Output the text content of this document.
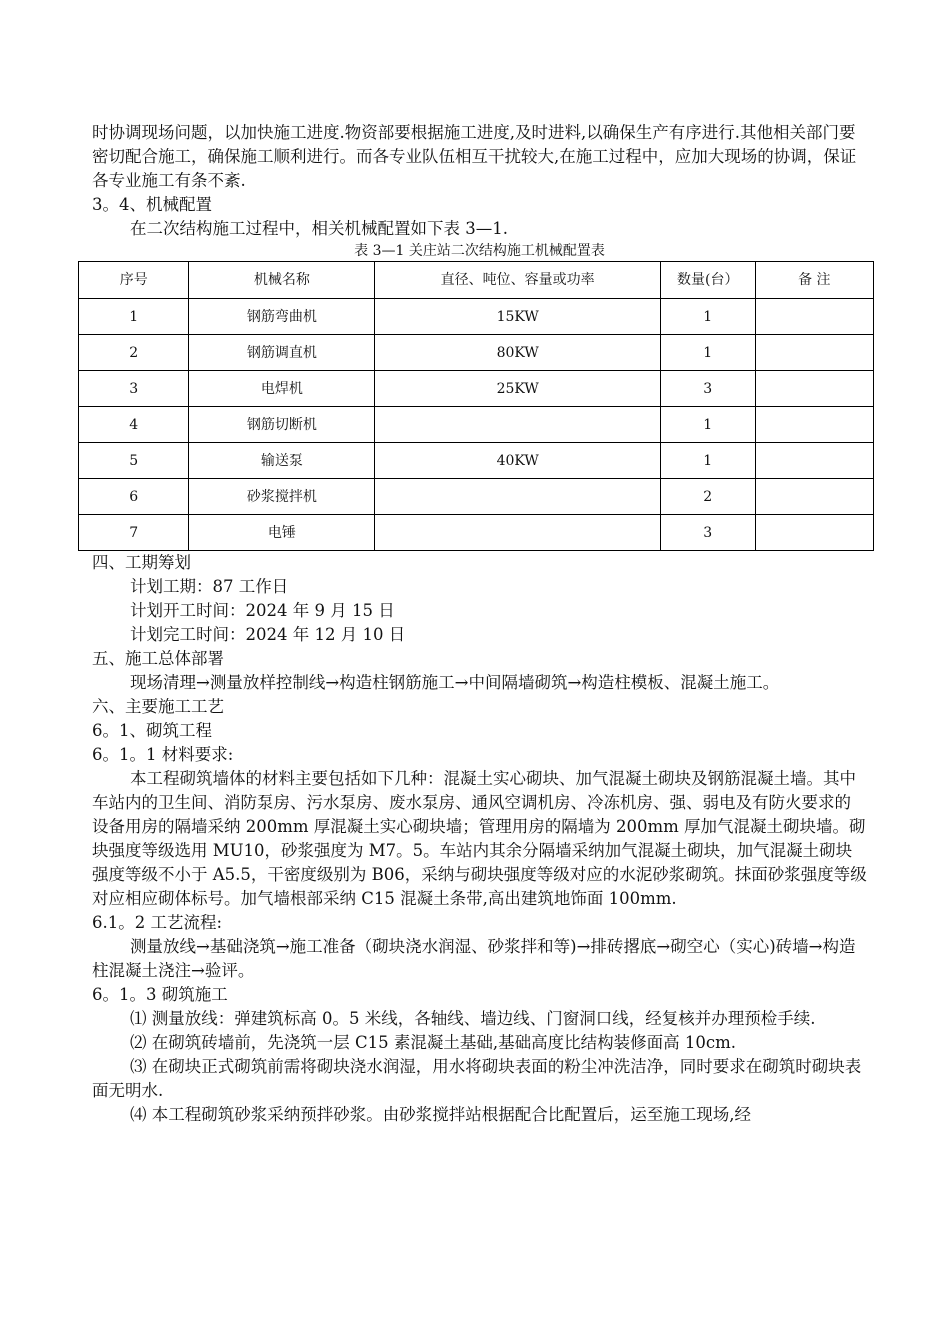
时协调现场问题，以加快施工进度.物资部要根据施工进度,及时进料,以确保生产有序进行.其他相关部门要密切配合施工，确保施工顺利进行。而各专业队伍相互干扰较大,在施工过程中，应加大现场的协调，保证各专业施工有条不紊.

3。4、机械配置

在二次结构施工过程中，相关机械配置如下表 3—1.

表 3—1 关庄站二次结构施工机械配置表

序号	机械名称	直径、吨位、容量或功率	数量(台）	备 注
1	钢筋弯曲机	15KW	1	
2	钢筋调直机	80KW	1	
3	电焊机	25KW	3	
4	钢筋切断机		1	
5	输送泵	40KW	1	
6	砂浆搅拌机		2	
7	电锤		3	

四、工期筹划

计划工期：87 工作日

计划开工时间：2024 年 9 月 15 日

计划完工时间：2024 年 12 月 10 日

五、施工总体部署

现场清理→测量放样控制线→构造柱钢筋施工→中间隔墙砌筑→构造柱模板、混凝土施工。

六、主要施工工艺

6。1、砌筑工程

6。1。1 材料要求:

本工程砌筑墙体的材料主要包括如下几种：混凝土实心砌块、加气混凝土砌块及钢筋混凝土墙。其中车站内的卫生间、消防泵房、污水泵房、废水泵房、通风空调机房、冷冻机房、强、弱电及有防火要求的设备用房的隔墙采纳 200mm 厚混凝土实心砌块墙；管理用房的隔墙为 200mm 厚加气混凝土砌块墙。砌块强度等级选用 MU10，砂浆强度为 M7。5。车站内其余分隔墙采纳加气混凝土砌块，加气混凝土砌块强度等级不小于 A5.5，干密度级别为 B06，采纳与砌块强度等级对应的水泥砂浆砌筑。抹面砂浆强度等级对应相应砌体标号。加气墙根部采纳 C15 混凝土条带,高出建筑地饰面 100mm.

6.1。2 工艺流程:

测量放线→基础浇筑→施工准备（砌块浇水润湿、砂浆拌和等)→排砖撂底→砌空心（实心)砖墙→构造柱混凝土浇注→验评。

6。1。3 砌筑施工

⑴ 测量放线：弹建筑标高 0。5 米线，各轴线、墙边线、门窗洞口线，经复核并办理预检手续.

⑵ 在砌筑砖墙前，先浇筑一层 C15 素混凝土基础,基础高度比结构装修面高 10cm.

⑶ 在砌块正式砌筑前需将砌块浇水润湿，用水将砌块表面的粉尘冲洗洁净，同时要求在砌筑时砌块表面无明水.

⑷ 本工程砌筑砂浆采纳预拌砂浆。由砂浆搅拌站根据配合比配置后，运至施工现场,经
